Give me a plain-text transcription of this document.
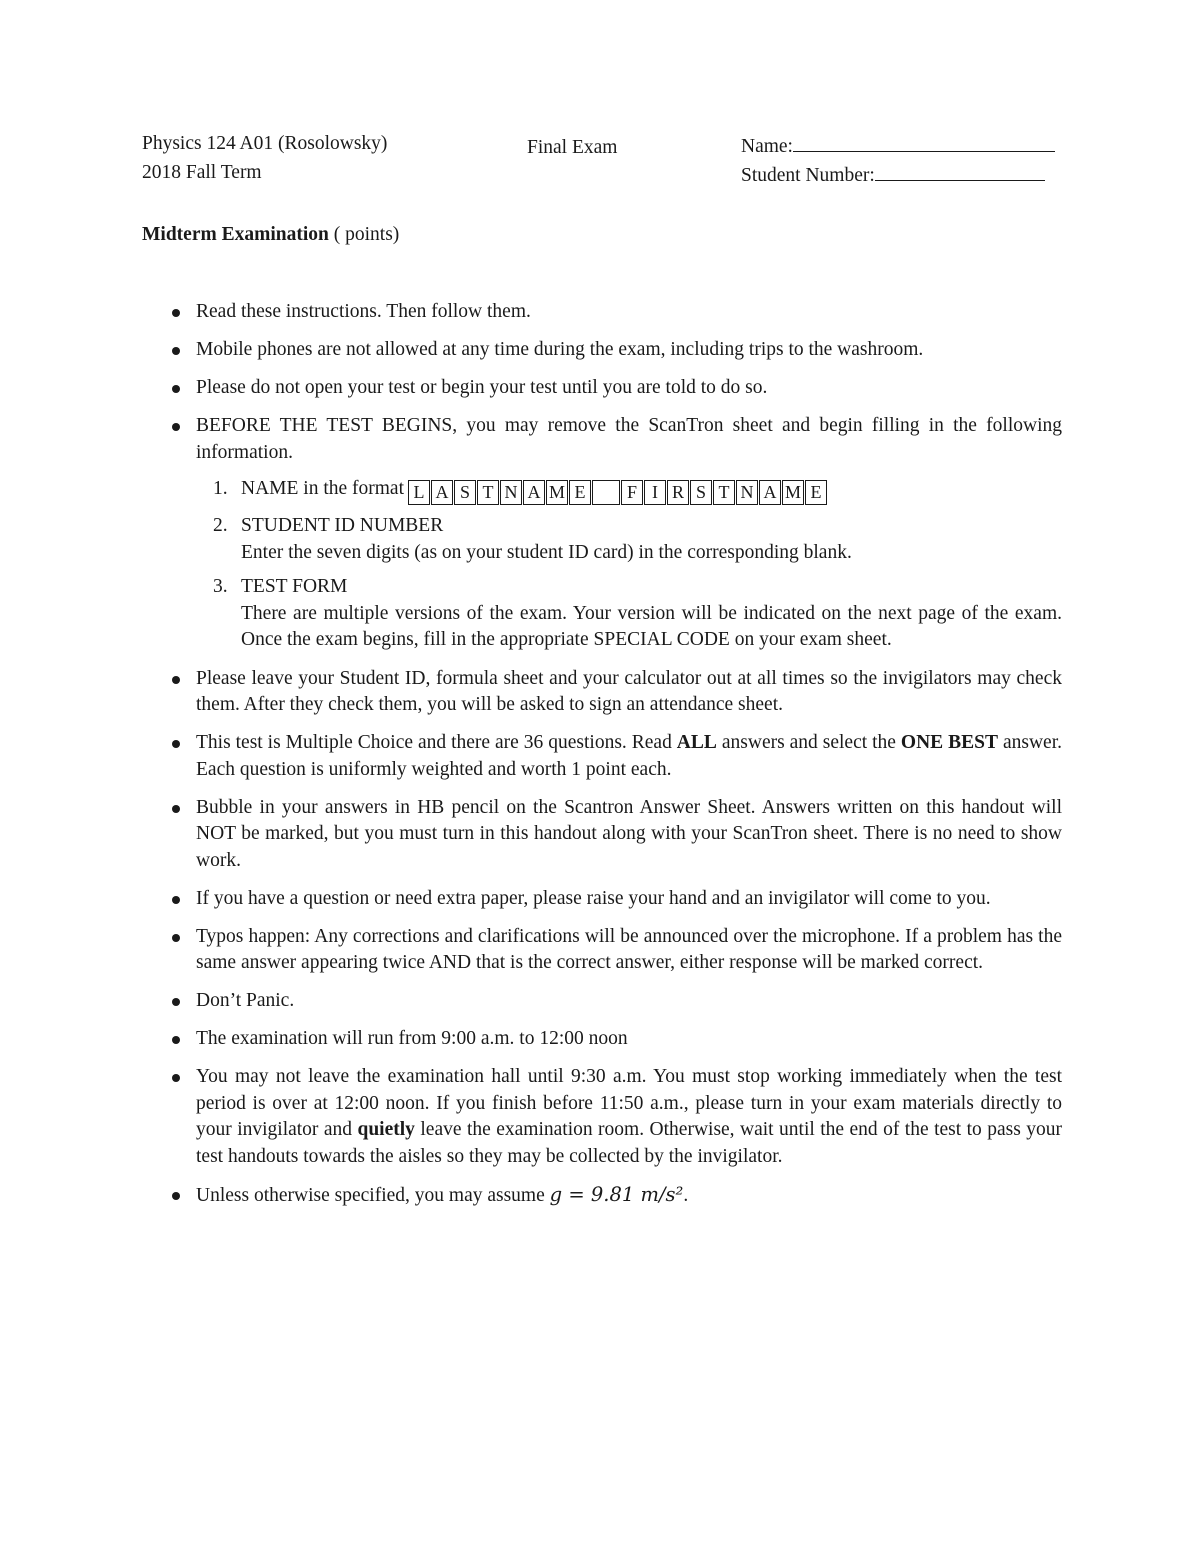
Physics 124 A01 (Rosolowsky)
2018 Fall Term
Final Exam	Name:
Student Number:
Midterm Examination ( points)
Read these instructions. Then follow them.
Mobile phones are not allowed at any time during the exam, including trips to the washroom.
Please do not open your test or begin your test until you are told to do so.
BEFORE THE TEST BEGINS, you may remove the ScanTron sheet and begin filling in the following information.
1. NAME in the format L A S T N A M E	F I R S T N A M E
2. STUDENT ID NUMBER
Enter the seven digits (as on your student ID card) in the corresponding blank.
3. TEST FORM
There are multiple versions of the exam. Your version will be indicated on the next page of the exam. Once the exam begins, fill in the appropriate SPECIAL CODE on your exam sheet.
Please leave your Student ID, formula sheet and your calculator out at all times so the invigilators may check them. After they check them, you will be asked to sign an attendance sheet.
This test is Multiple Choice and there are 36 questions. Read ALL answers and select the ONE BEST answer. Each question is uniformly weighted and worth 1 point each.
Bubble in your answers in HB pencil on the Scantron Answer Sheet. Answers written on this handout will NOT be marked, but you must turn in this handout along with your ScanTron sheet. There is no need to show work.
If you have a question or need extra paper, please raise your hand and an invigilator will come to you.
Typos happen: Any corrections and clarifications will be announced over the microphone. If a problem has the same answer appearing twice AND that is the correct answer, either response will be marked correct.
Don’t Panic.
The examination will run from 9:00 a.m. to 12:00 noon
You may not leave the examination hall until 9:30 a.m. You must stop working immediately when the test period is over at 12:00 noon. If you finish before 11:50 a.m., please turn in your exam materials directly to your invigilator and quietly leave the examination room. Otherwise, wait until the end of the test to pass your test handouts towards the aisles so they may be collected by the invigilator.
Unless otherwise specified, you may assume g = 9.81 m/s².
